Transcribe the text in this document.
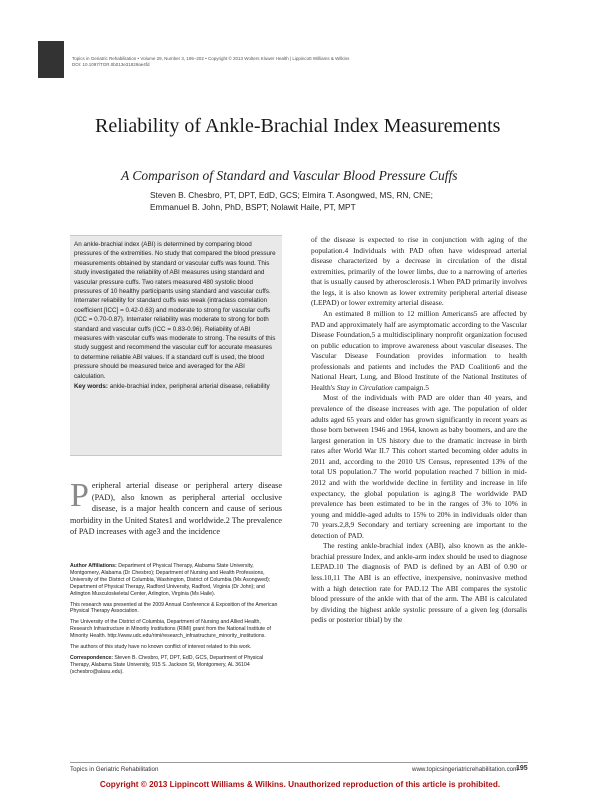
Topics in Geriatric Rehabilitation • Volume 29, Number 3, 195–202 • Copyright © 2013 Wolters Kluwer Health | Lippincott Williams & Wilkins
DOI: 10.1097/TGR.0b013e31829ae4fd
Reliability of Ankle-Brachial Index Measurements
A Comparison of Standard and Vascular Blood Pressure Cuffs
Steven B. Chesbro, PT, DPT, EdD, GCS; Elmira T. Asongwed, MS, RN, CNE;
Emmanuel B. John, PhD, BSPT; Nolawit Haile, PT, MPT
An ankle-brachial index (ABI) is determined by comparing blood pressures of the extremities. No study that compared the blood pressure measurements obtained by standard or vascular cuffs was found. This study investigated the reliability of ABI measures using standard and vascular pressure cuffs. Two raters measured 480 systolic blood pressures of 10 healthy participants using standard and vascular cuffs. Interrater reliability for standard cuffs was weak (intraclass correlation coefficient [ICC] = 0.42-0.63) and moderate to strong for vascular cuffs (ICC = 0.70-0.87). Interrater reliability was moderate to strong for both standard and vascular cuffs (ICC = 0.83-0.96). Reliability of ABI measures with vascular cuffs was moderate to strong. The results of this study suggest and recommend the vascular cuff for accurate measures to determine reliable ABI values. If a standard cuff is used, the blood pressure should be measured twice and averaged for the ABI calculation.
Key words: ankle-brachial index, peripheral arterial disease, reliability
P eripheral arterial disease or peripheral artery disease (PAD), also known as peripheral arterial occlusive disease, is a major health concern and cause of serious morbidity in the United States1 and worldwide.2 The prevalence of PAD increases with age3 and the incidence

Author Affiliations: Department of Physical Therapy, Alabama State University, Montgomery, Alabama (Dr Chesbro); Department of Nursing and Health Professions, University of the District of Columbia, Washington, District of Columbia (Ms Asongwed); Department of Physical Therapy, Radford University, Radford, Virginia (Dr John); and Arlington Musculoskeletal Center, Arlington, Virginia (Ms Haile).

This research was presented at the 2009 Annual Conference & Exposition of the American Physical Therapy Association.

The University of the District of Columbia, Department of Nursing and Allied Health, Research Infrastructure in Minority Institutions (RIMI) grant from the National Institute of Minority Health. http://www.udc.edu/rimi/research_infrastructure_minority_institutions.

The authors of this study have no known conflict of interest related to this work.

Correspondence: Steven B. Chesbro, PT, DPT, EdD, GCS, Department of Physical Therapy, Alabama State University, 915 S. Jackson St, Montgomery, AL 36104 (schesbro@alasu.edu).

of the disease is expected to rise in conjunction with aging of the population.4 Individuals with PAD often have widespread arterial disease characterized by a decrease in circulation of the distal extremities, primarily of the lower limbs, due to a narrowing of arteries that is usually caused by atherosclerosis.1 When PAD primarily involves the legs, it is also known as lower extremity peripheral arterial disease (LEPAD) or lower extremity arterial disease.

An estimated 8 million to 12 million Americans5 are affected by PAD and approximately half are asymptomatic according to the Vascular Disease Foundation,5 a multidisciplinary nonprofit organization focused on public education to improve awareness about vascular diseases. The Vascular Disease Foundation provides information to health professionals and patients and includes the PAD Coalition6 and the National Heart, Lung, and Blood Institute of the National Institutes of Health's Stay in Circulation campaign.5

Most of the individuals with PAD are older than 40 years, and prevalence of the disease increases with age. The population of older adults aged 65 years and older has grown significantly in recent years as those born between 1946 and 1964, known as baby boomers, and are the largest generation in US history due to the dramatic increase in birth rates after World War II.7 This cohort started becoming older adults in 2011 and, according to the 2010 US Census, represented 13% of the total US population.7 The world population reached 7 billion in mid-2012 and with the worldwide decline in fertility and increase in life expectancy, the global population is aging.8 The worldwide PAD prevalence has been estimated to be in the ranges of 3% to 10% in young and middle-aged adults to 15% to 20% in individuals older than 70 years.2,8,9 Secondary and tertiary screening are important to the detection of PAD.

The resting ankle-brachial index (ABI), also known as the ankle-brachial pressure Index, and ankle-arm index should be used to diagnose LEPAD.10 The diagnosis of PAD is defined by an ABI of 0.90 or less.10,11 The ABI is an effective, inexpensive, noninvasive method with a high detection rate for PAD.12 The ABI compares the systolic blood pressure of the ankle with that of the arm. The ABI is calculated by dividing the highest ankle systolic pressure of a given leg (dorsalis pedis or posterior tibial) by the

Topics in Geriatric Rehabilitation	www.topicsingeriatricrehabilitation.com
195
Copyright © 2013 Lippincott Williams & Wilkins. Unauthorized reproduction of this article is prohibited.
